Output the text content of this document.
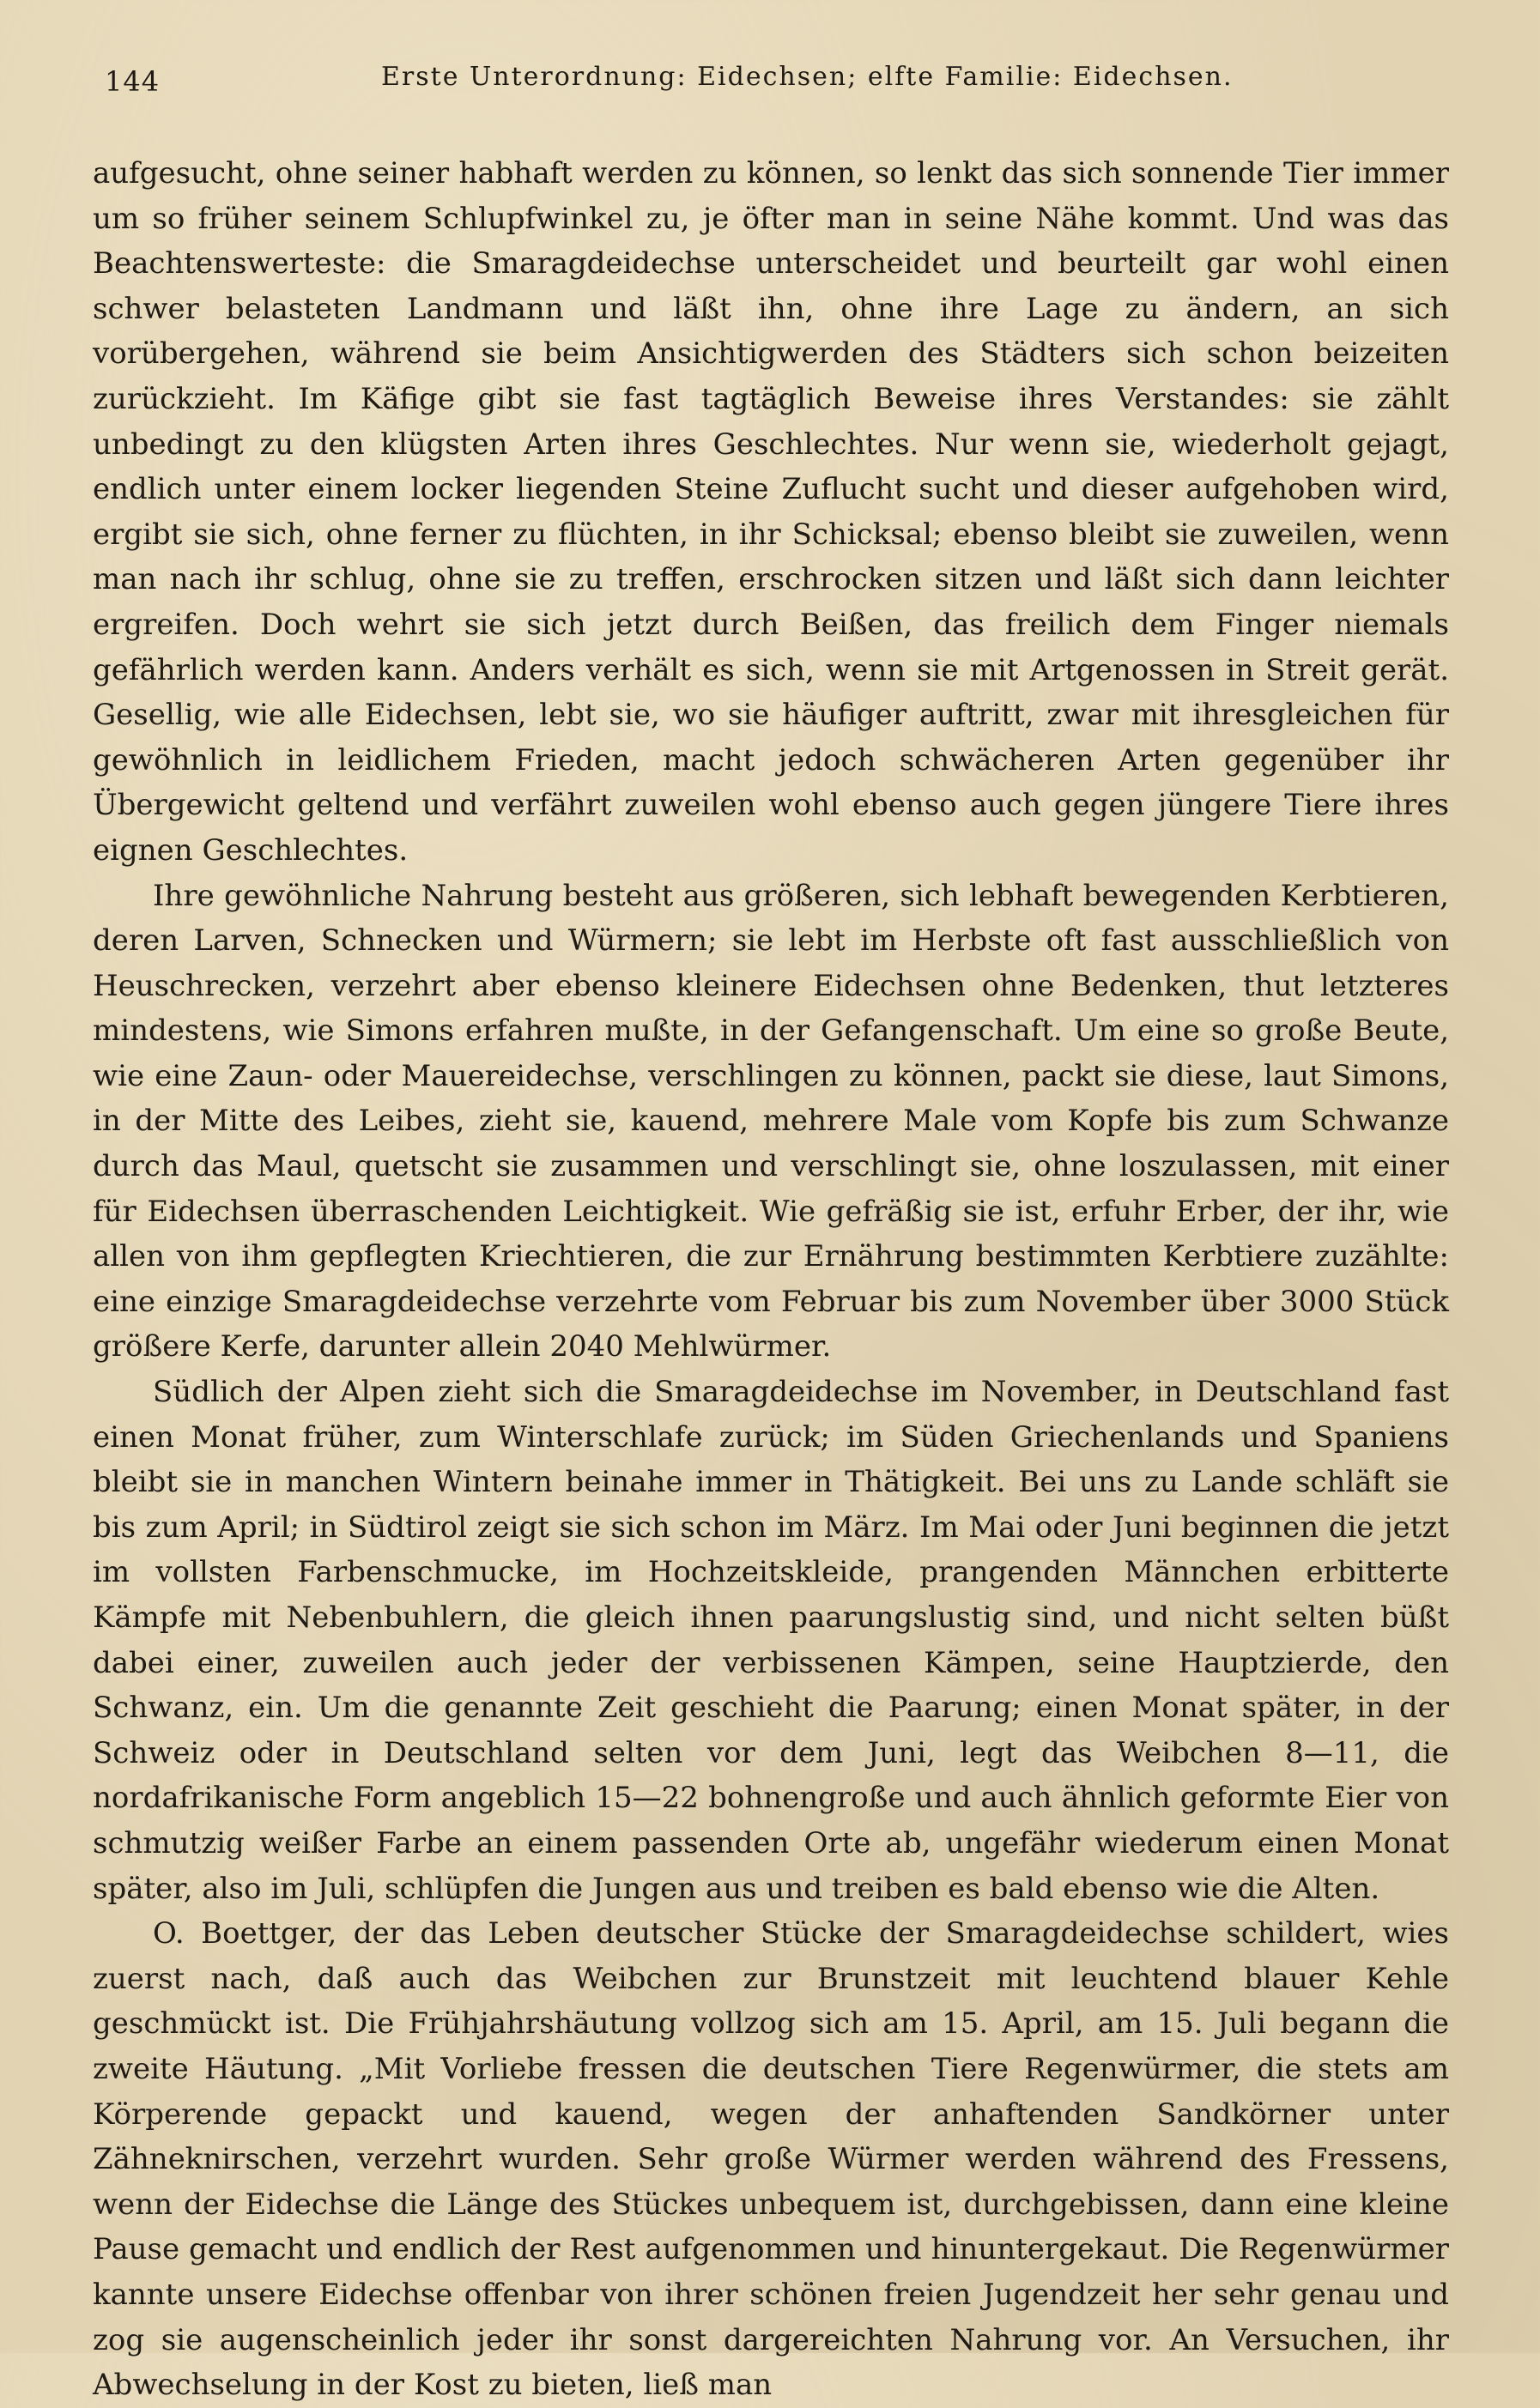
144	Erste Unterordnung: Eidechsen; elfte Familie: Eidechsen.

aufgesucht, ohne seiner habhaft werden zu können, so lenkt das sich sonnende Tier immer um so früher seinem Schlupfwinkel zu, je öfter man in seine Nähe kommt. Und was das Beachtenswerteste: die Smaragdeidechse unterscheidet und beurteilt gar wohl einen schwer belasteten Landmann und läßt ihn, ohne ihre Lage zu ändern, an sich vorübergehen, während sie beim Ansichtigwerden des Städters sich schon beizeiten zurückzieht. Im Käfige gibt sie fast tagtäglich Beweise ihres Verstandes: sie zählt unbedingt zu den klügsten Arten ihres Geschlechtes. Nur wenn sie, wiederholt gejagt, endlich unter einem locker liegenden Steine Zuflucht sucht und dieser aufgehoben wird, ergibt sie sich, ohne ferner zu flüchten, in ihr Schicksal; ebenso bleibt sie zuweilen, wenn man nach ihr schlug, ohne sie zu treffen, erschrocken sitzen und läßt sich dann leichter ergreifen. Doch wehrt sie sich jetzt durch Beißen, das freilich dem Finger niemals gefährlich werden kann. Anders verhält es sich, wenn sie mit Artgenossen in Streit gerät. Gesellig, wie alle Eidechsen, lebt sie, wo sie häufiger auftritt, zwar mit ihresgleichen für gewöhnlich in leidlichem Frieden, macht jedoch schwächeren Arten gegenüber ihr Übergewicht geltend und verfährt zuweilen wohl ebenso auch gegen jüngere Tiere ihres eignen Geschlechtes.

Ihre gewöhnliche Nahrung besteht aus größeren, sich lebhaft bewegenden Kerbtieren, deren Larven, Schnecken und Würmern; sie lebt im Herbste oft fast ausschließlich von Heuschrecken, verzehrt aber ebenso kleinere Eidechsen ohne Bedenken, thut letzteres mindestens, wie Simons erfahren mußte, in der Gefangenschaft. Um eine so große Beute, wie eine Zaun- oder Mauereidechse, verschlingen zu können, packt sie diese, laut Simons, in der Mitte des Leibes, zieht sie, kauend, mehrere Male vom Kopfe bis zum Schwanze durch das Maul, quetscht sie zusammen und verschlingt sie, ohne loszulassen, mit einer für Eidechsen überraschenden Leichtigkeit. Wie gefräßig sie ist, erfuhr Erber, der ihr, wie allen von ihm gepflegten Kriechtieren, die zur Ernährung bestimmten Kerbtiere zuzählte: eine einzige Smaragdeidechse verzehrte vom Februar bis zum November über 3000 Stück größere Kerfe, darunter allein 2040 Mehlwürmer.

Südlich der Alpen zieht sich die Smaragdeidechse im November, in Deutschland fast einen Monat früher, zum Winterschlafe zurück; im Süden Griechenlands und Spaniens bleibt sie in manchen Wintern beinahe immer in Thätigkeit. Bei uns zu Lande schläft sie bis zum April; in Südtirol zeigt sie sich schon im März. Im Mai oder Juni beginnen die jetzt im vollsten Farbenschmucke, im Hochzeitskleide, prangenden Männchen erbitterte Kämpfe mit Nebenbuhlern, die gleich ihnen paarungslustig sind, und nicht selten büßt dabei einer, zuweilen auch jeder der verbissenen Kämpen, seine Hauptzierde, den Schwanz, ein. Um die genannte Zeit geschieht die Paarung; einen Monat später, in der Schweiz oder in Deutschland selten vor dem Juni, legt das Weibchen 8—11, die nordafrikanische Form angeblich 15—22 bohnengroße und auch ähnlich geformte Eier von schmutzig weißer Farbe an einem passenden Orte ab, ungefähr wiederum einen Monat später, also im Juli, schlüpfen die Jungen aus und treiben es bald ebenso wie die Alten.

O. Boettger, der das Leben deutscher Stücke der Smaragdeidechse schildert, wies zuerst nach, daß auch das Weibchen zur Brunstzeit mit leuchtend blauer Kehle geschmückt ist. Die Frühjahrshäutung vollzog sich am 15. April, am 15. Juli begann die zweite Häutung. „Mit Vorliebe fressen die deutschen Tiere Regenwürmer, die stets am Körperende gepackt und kauend, wegen der anhaftenden Sandkörner unter Zähneknirschen, verzehrt wurden. Sehr große Würmer werden während des Fressens, wenn der Eidechse die Länge des Stückes unbequem ist, durchgebissen, dann eine kleine Pause gemacht und endlich der Rest aufgenommen und hinuntergekaut. Die Regenwürmer kannte unsere Eidechse offenbar von ihrer schönen freien Jugendzeit her sehr genau und zog sie augenscheinlich jeder ihr sonst dargereichten Nahrung vor. An Versuchen, ihr Abwechselung in der Kost zu bieten, ließ man
